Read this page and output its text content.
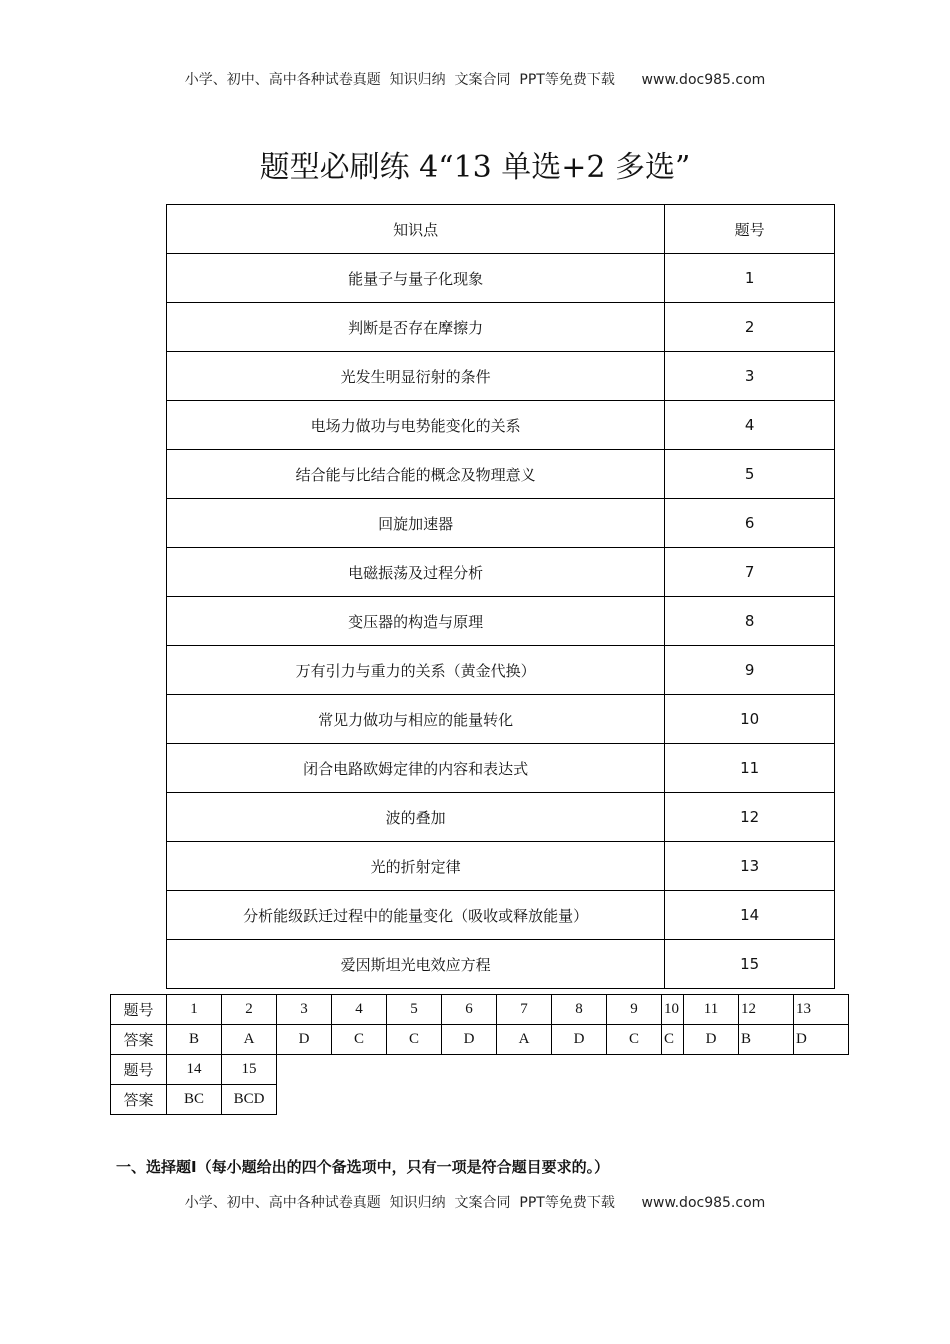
小学、初中、高中各种试卷真题  知识归纳  文案合同  PPT等免费下载      www.doc985.com
题型必刷练 4“13 单选+2 多选”
知识点	题号
能量子与量子化现象	1
判断是否存在摩擦力	2
光发生明显衍射的条件	3
电场力做功与电势能变化的关系	4
结合能与比结合能的概念及物理意义	5
回旋加速器	6
电磁振荡及过程分析	7
变压器的构造与原理	8
万有引力与重力的关系（黄金代换）	9
常见力做功与相应的能量转化	10
闭合电路欧姆定律的内容和表达式	11
波的叠加	12
光的折射定律	13
分析能级跃迁过程中的能量变化（吸收或释放能量）	14
爱因斯坦光电效应方程	15
题号	1	2	3	4	5	6	7	8	9	10	11	12	13
答案	B	A	D	C	C	D	A	D	C	C	D	B	D
题号	14	15											
答案	BC	BCD											
一、选择题Ⅰ（每小题给出的四个备选项中，只有一项是符合题目要求的。）
小学、初中、高中各种试卷真题  知识归纳  文案合同  PPT等免费下载      www.doc985.com
